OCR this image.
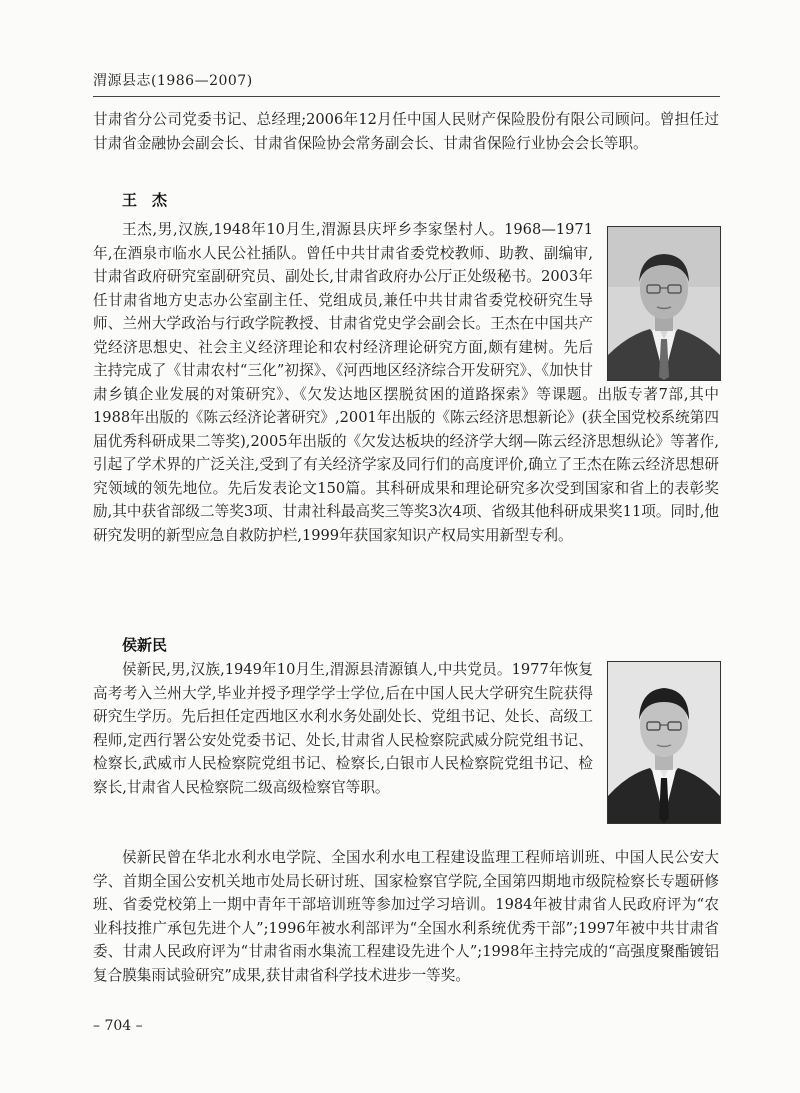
渭源县志(1986—2007)

甘肃省分公司党委书记、总经理;2006年12月任中国人民财产保险股份有限公司顾问。曾担任过甘肃省金融协会副会长、甘肃省保险协会常务副会长、甘肃省保险行业协会会长等职。

王　杰

王杰,男,汉族,1948年10月生,渭源县庆坪乡李家堡村人。1968—1971年,在酒泉市临水人民公社插队。曾任中共甘肃省委党校教师、助教、副编审,甘肃省政府研究室副研究员、副处长,甘肃省政府办公厅正处级秘书。2003年任甘肃省地方史志办公室副主任、党组成员,兼任中共甘肃省委党校研究生导师、兰州大学政治与行政学院教授、甘肃省党史学会副会长。王杰在中国共产党经济思想史、社会主义经济理论和农村经济理论研究方面,颇有建树。先后主持完成了《甘肃农村“三化”初探》、《河西地区经济综合开发研究》、《加快甘肃乡镇企业发展的对策研究》、《欠发达地区摆脱贫困的道路探索》等课题。出版专著7部,其中1988年出版的《陈云经济论著研究》,2001年出版的《陈云经济思想新论》(获全国党校系统第四届优秀科研成果二等奖),2005年出版的《欠发达板块的经济学大纲—陈云经济思想纵论》等著作,引起了学术界的广泛关注,受到了有关经济学家及同行们的高度评价,确立了王杰在陈云经济思想研究领域的领先地位。先后发表论文150篇。其科研成果和理论研究多次受到国家和省上的表彰奖励,其中获省部级二等奖3项、甘肃社科最高奖三等奖3次4项、省级其他科研成果奖11项。同时,他研究发明的新型应急自救防护栏,1999年获国家知识产权局实用新型专利。

侯新民

侯新民,男,汉族,1949年10月生,渭源县清源镇人,中共党员。1977年恢复高考考入兰州大学,毕业并授予理学学士学位,后在中国人民大学研究生院获得研究生学历。先后担任定西地区水利水务处副处长、党组书记、处长、高级工程师,定西行署公安处党委书记、处长,甘肃省人民检察院武威分院党组书记、检察长,武威市人民检察院党组书记、检察长,白银市人民检察院党组书记、检察长,甘肃省人民检察院二级高级检察官等职。

侯新民曾在华北水利水电学院、全国水利水电工程建设监理工程师培训班、中国人民公安大学、首期全国公安机关地市处局长研讨班、国家检察官学院,全国第四期地市级院检察长专题研修班、省委党校第上一期中青年干部培训班等参加过学习培训。1984年被甘肃省人民政府评为“农业科技推广承包先进个人”;1996年被水利部评为“全国水利系统优秀干部”;1997年被中共甘肃省委、甘肃人民政府评为“甘肃省雨水集流工程建设先进个人”;1998年主持完成的“高强度聚酯镀铝复合膜集雨试验研究”成果,获甘肃省科学技术进步一等奖。

– 704 –
